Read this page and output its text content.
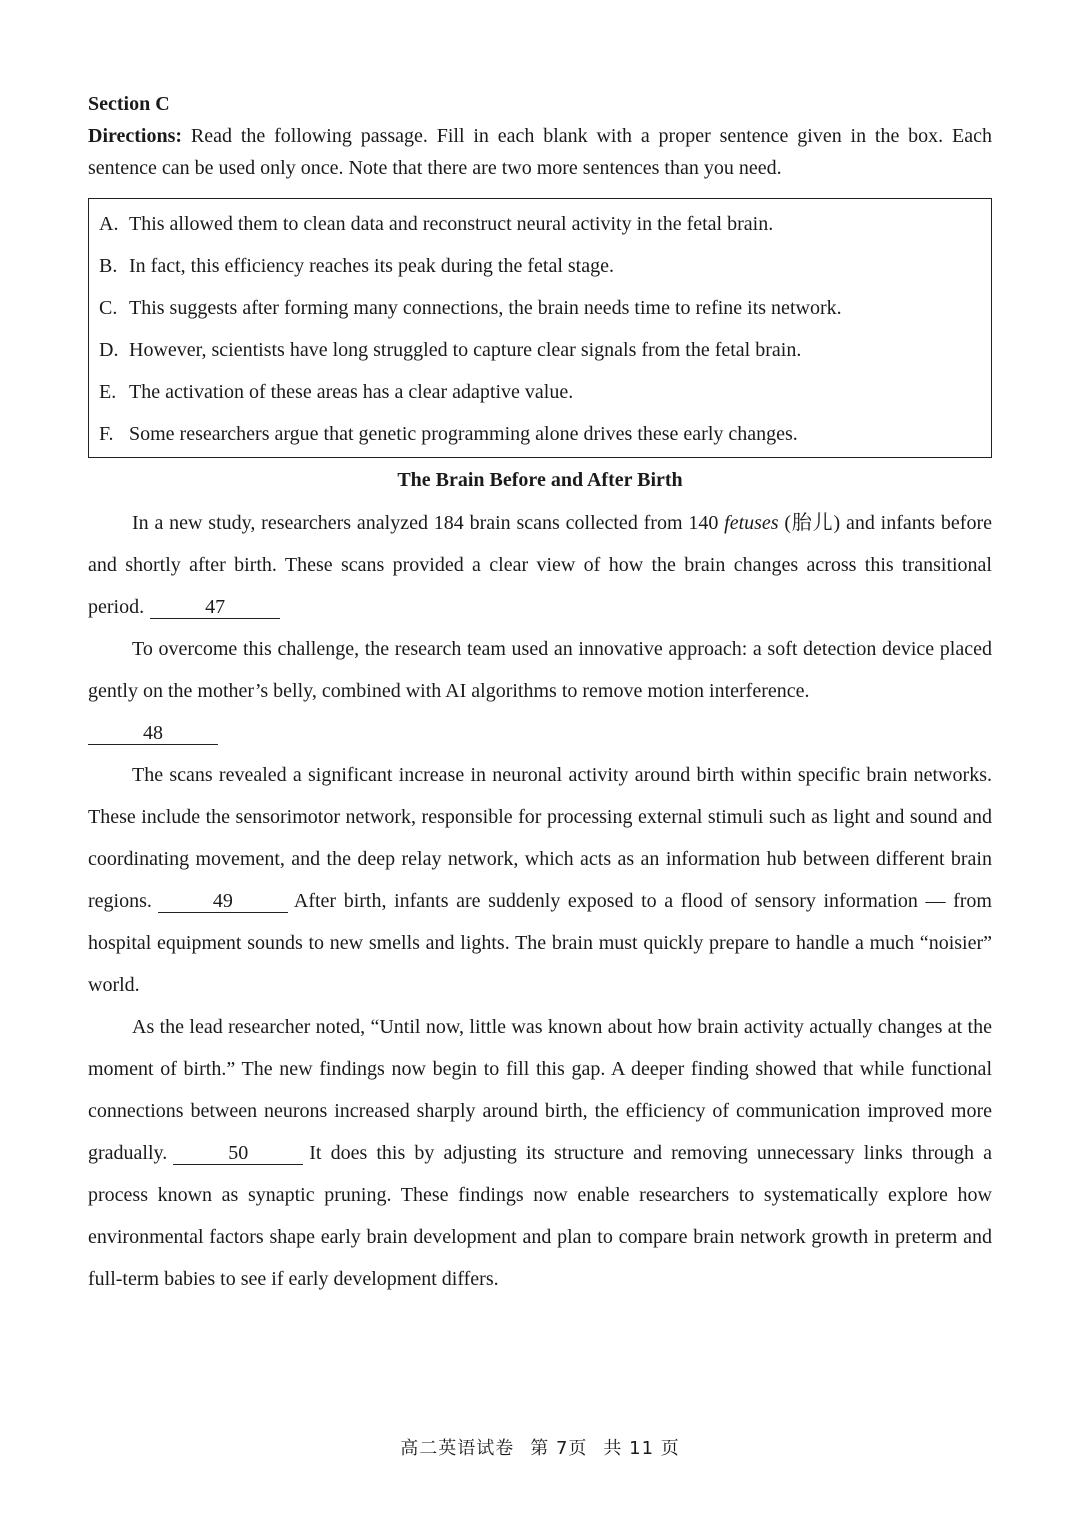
Section C
Directions: Read the following passage. Fill in each blank with a proper sentence given in the box. Each sentence can be used only once. Note that there are two more sentences than you need.
A. This allowed them to clean data and reconstruct neural activity in the fetal brain.
B. In fact, this efficiency reaches its peak during the fetal stage.
C. This suggests after forming many connections, the brain needs time to refine its network.
D. However, scientists have long struggled to capture clear signals from the fetal brain.
E. The activation of these areas has a clear adaptive value.
F. Some researchers argue that genetic programming alone drives these early changes.
The Brain Before and After Birth

In a new study, researchers analyzed 184 brain scans collected from 140 fetuses (胎儿) and infants before and shortly after birth. These scans provided a clear view of how the brain changes across this transitional period.	47

To overcome this challenge, the research team used an innovative approach: a soft detection device placed gently on the mother’s belly, combined with AI algorithms to remove motion interference.

48

The scans revealed a significant increase in neuronal activity around birth within specific brain networks. These include the sensorimotor network, responsible for processing external stimuli such as light and sound and coordinating movement, and the deep relay network, which acts as an information hub between different brain regions.	49	After birth, infants are suddenly exposed to a flood of sensory information — from hospital equipment sounds to new smells and lights. The brain must quickly prepare to handle a much “noisier” world.

As the lead researcher noted, “Until now, little was known about how brain activity actually changes at the moment of birth.” The new findings now begin to fill this gap. A deeper finding showed that while functional connections between neurons increased sharply around birth, the efficiency of communication improved more gradually.	50	It does this by adjusting its structure and removing unnecessary links through a process known as synaptic pruning. These findings now enable researchers to systematically explore how environmental factors shape early brain development and plan to compare brain network growth in preterm and full-term babies to see if early development differs.

高二英语试卷 第 7页 共 11 页
